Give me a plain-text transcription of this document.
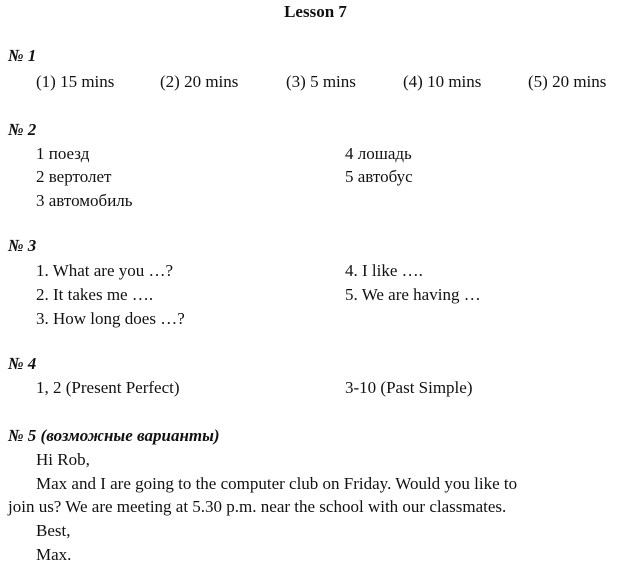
Lesson 7
№ 1
(1) 15 mins	(2) 20 mins	(3) 5 mins	(4) 10 mins	(5) 20 mins
№ 2
1 поезд
2 вертолет
3 автомобиль
4 лошадь
5 автобус
№ 3
1. What are you …?
2. It takes me ….
3. How long does …?
4. I like ….
5. We are having …
№ 4
1, 2 (Present Perfect)	3-10 (Past Simple)
№ 5 (возможные варианты)
Hi Rob,
Max and I are going to the computer club on Friday. Would you like to
join us? We are meeting at 5.30 p.m. near the school with our classmates.
Best,
Max.
